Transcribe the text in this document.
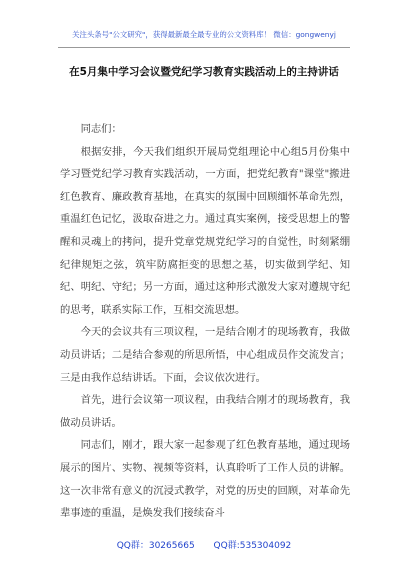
关注头条号"公文研究"，获得最新最全最专业的公文资料库！ 微信：gongwenyj
在5月集中学习会议暨党纪学习教育实践活动上的主持讲话

同志们：

根据安排，今天我们组织开展局党组理论中心组5月份集中学习暨党纪学习教育实践活动，一方面，把党纪教育"课堂"搬进红色教育、廉政教育基地，在真实的氛围中回顾缅怀革命先烈，重温红色记忆，汲取奋进之力。通过真实案例，接受思想上的警醒和灵魂上的拷问，提升党章党规党纪学习的自觉性，时刻紧绷纪律规矩之弦，筑牢防腐拒变的思想之基，切实做到学纪、知纪、明纪、守纪；另一方面，通过这种形式激发大家对遵规守纪的思考，联系实际工作，互相交流思想。

今天的会议共有三项议程，一是结合刚才的现场教育，我做动员讲话；二是结合参观的所思所悟，中心组成员作交流发言；三是由我作总结讲话。下面，会议依次进行。

首先，进行会议第一项议程，由我结合刚才的现场教育，我做动员讲话。

同志们，刚才，跟大家一起参观了红色教育基地，通过现场展示的图片、实物、视频等资料，认真聆听了工作人员的讲解。这一次非常有意义的沉浸式教学，对党的历史的回顾，对革命先辈事迹的重温，是焕发我们接续奋斗

QQ群：30265665 QQ群:535304092
